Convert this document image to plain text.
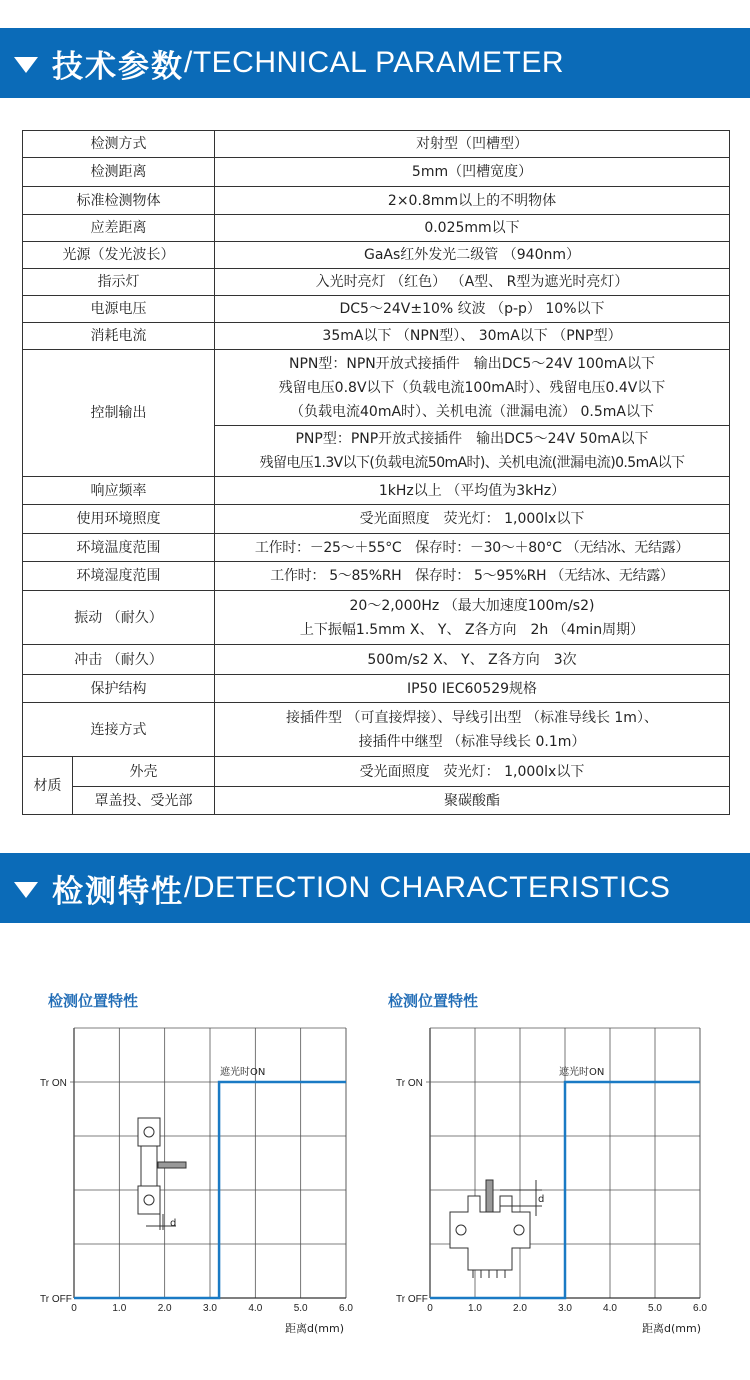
技术参数 / TECHNICAL PARAMETER
检测方式		对射型（凹槽型）
检测距离		5mm（凹槽宽度）
标准检测物体		2×0.8mm以上的不明物体
应差距离		0.025mm以下
光源（发光波长）		GaAs红外发光二级管 （940nm）
指示灯		入光时亮灯 （红色） （A型、 R型为遮光时亮灯）
电源电压		DC5～24V±10% 纹波 （p-p） 10%以下
消耗电流		35mA以下 （NPN型）、 30mA以下 （PNP型）
控制输出		NPN型：NPN开放式接插件　输出DC5～24V 100mA以下
残留电压0.8V以下（负载电流100mA时）、残留电压0.4V以下
（负载电流40mA时）、关机电流（泄漏电流） 0.5mA以下

		PNP型：PNP开放式接插件　输出DC5～24V 50mA以下
残留电压1.3V以下(负载电流50mA时)、关机电流(泄漏电流)0.5mA以下

响应频率		1kHz以上 （平均值为3kHz）
使用环境照度		受光面照度　荧光灯： 1,000lx以下
环境温度范围		工作时：－25～＋55°C　保存时：－30～＋80°C （无结冰、无结露）
环境湿度范围		工作时： 5～85%RH　保存时： 5～95%RH （无结冰、无结露）
振动 （耐久）		20～2,000Hz （最大加速度100m/s2)
上下振幅1.5mm X、 Y、 Z各方向　2h （4min周期）

冲击 （耐久）		500m/s2 X、 Y、 Z各方向　3次
保护结构		IP50 IEC60529规格
连接方式		接插件型 （可直接焊接）、导线引出型 （标准导线长 1m）、
接插件中继型 （标准导线长 0.1m）

材质	外壳	受光面照度　荧光灯： 1,000lx以下
	罩盖投、受光部	聚碳酸酯
检测特性 / DETECTION CHARACTERISTICS
检测位置特性
0	1.0	2.0	3.0	4.0	5.0	6.0
Tr ON
Tr OFF
距离d(mm)
遮光时ON
d
检测位置特性
0	1.0	2.0	3.0	4.0	5.0	6.0
Tr ON
Tr OFF
距离d(mm)
遮光时ON
d
